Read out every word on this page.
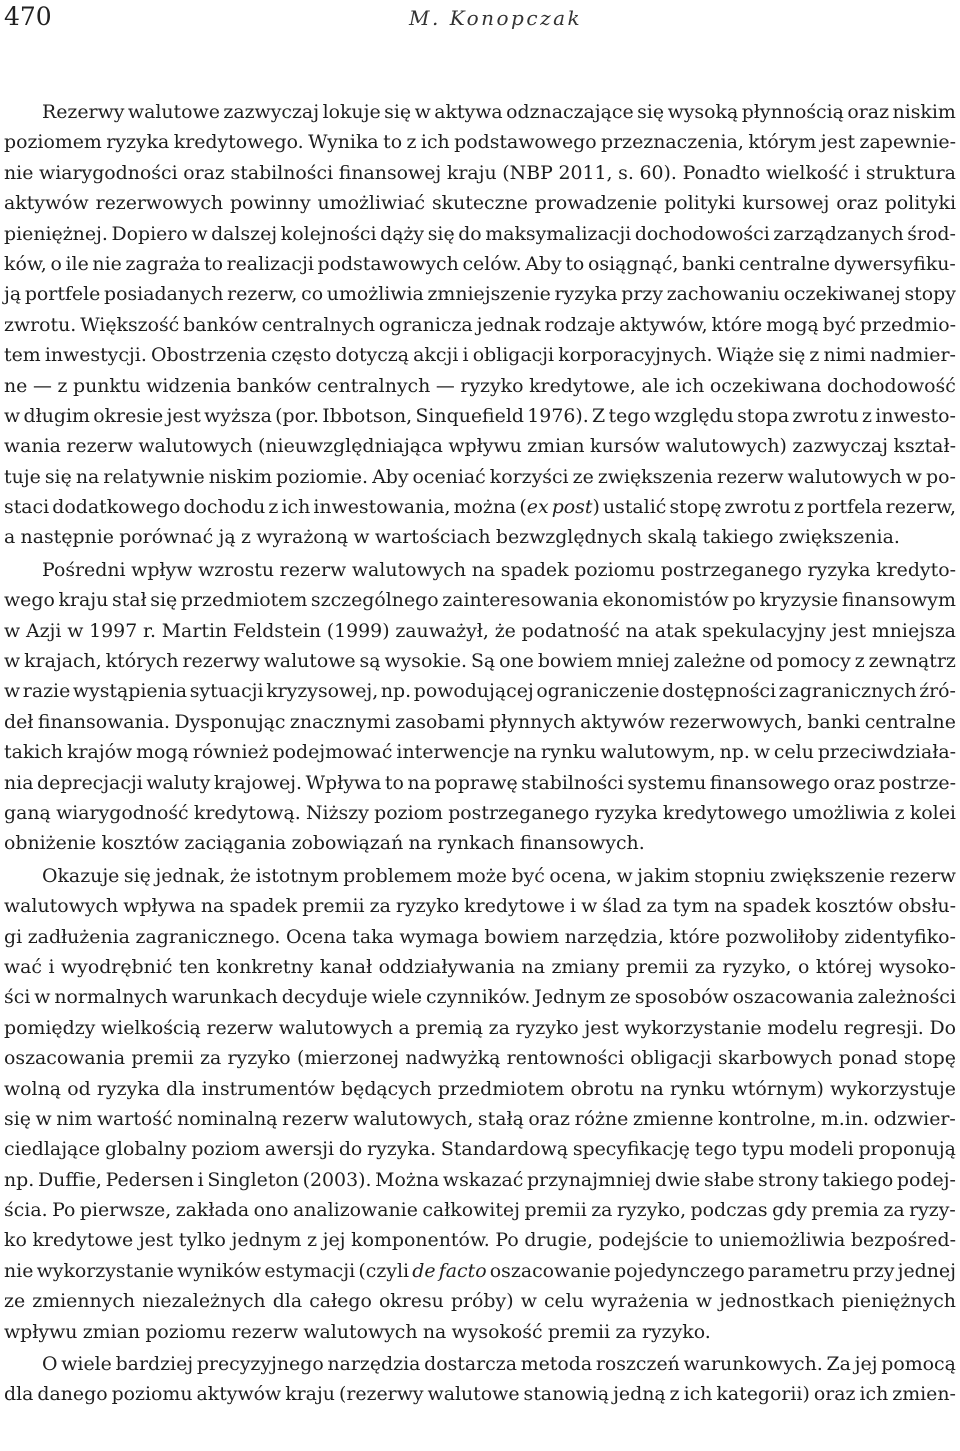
470	M. Konopczak
Rezerwy walutowe zazwyczaj lokuje się w aktywa odznaczające się wysoką płynnością oraz niskim
poziomem ryzyka kredytowego. Wynika to z ich podstawowego przeznaczenia, którym jest zapewnie-
nie wiarygodności oraz stabilności finansowej kraju (NBP 2011, s. 60). Ponadto wielkość i struktura
aktywów rezerwowych powinny umożliwiać skuteczne prowadzenie polityki kursowej oraz polityki
pieniężnej. Dopiero w dalszej kolejności dąży się do maksymalizacji dochodowości zarządzanych środ-
ków, o ile nie zagraża to realizacji podstawowych celów. Aby to osiągnąć, banki centralne dywersyfiku-
ją portfele posiadanych rezerw, co umożliwia zmniejszenie ryzyka przy zachowaniu oczekiwanej stopy
zwrotu. Większość banków centralnych ogranicza jednak rodzaje aktywów, które mogą być przedmio-
tem inwestycji. Obostrzenia często dotyczą akcji i obligacji korporacyjnych. Wiąże się z nimi nadmier-
ne — z punktu widzenia banków centralnych — ryzyko kredytowe, ale ich oczekiwana dochodowość
w długim okresie jest wyższa (por. Ibbotson, Sinquefield 1976). Z tego względu stopa zwrotu z inwesto-
wania rezerw walutowych (nieuwzględniająca wpływu zmian kursów walutowych) zazwyczaj kształ-
tuje się na relatywnie niskim poziomie. Aby oceniać korzyści ze zwiększenia rezerw walutowych w po-
staci dodatkowego dochodu z ich inwestowania, można (ex post) ustalić stopę zwrotu z portfela rezerw,
a następnie porównać ją z wyrażoną w wartościach bezwzględnych skalą takiego zwiększenia.
Pośredni wpływ wzrostu rezerw walutowych na spadek poziomu postrzeganego ryzyka kredyto-
wego kraju stał się przedmiotem szczególnego zainteresowania ekonomistów po kryzysie finansowym
w Azji w 1997 r. Martin Feldstein (1999) zauważył, że podatność na atak spekulacyjny jest mniejsza
w krajach, których rezerwy walutowe są wysokie. Są one bowiem mniej zależne od pomocy z zewnątrz
w razie wystąpienia sytuacji kryzysowej, np. powodującej ograniczenie dostępności zagranicznych źró-
deł finansowania. Dysponując znacznymi zasobami płynnych aktywów rezerwowych, banki centralne
takich krajów mogą również podejmować interwencje na rynku walutowym, np. w celu przeciwdziała-
nia deprecjacji waluty krajowej. Wpływa to na poprawę stabilności systemu finansowego oraz postrze-
ganą wiarygodność kredytową. Niższy poziom postrzeganego ryzyka kredytowego umożliwia z kolei
obniżenie kosztów zaciągania zobowiązań na rynkach finansowych.
Okazuje się jednak, że istotnym problemem może być ocena, w jakim stopniu zwiększenie rezerw
walutowych wpływa na spadek premii za ryzyko kredytowe i w ślad za tym na spadek kosztów obsłu-
gi zadłużenia zagranicznego. Ocena taka wymaga bowiem narzędzia, które pozwoliłoby zidentyfiko-
wać i wyodrębnić ten konkretny kanał oddziaływania na zmiany premii za ryzyko, o której wysoko-
ści w normalnych warunkach decyduje wiele czynników. Jednym ze sposobów oszacowania zależności
pomiędzy wielkością rezerw walutowych a premią za ryzyko jest wykorzystanie modelu regresji. Do
oszacowania premii za ryzyko (mierzonej nadwyżką rentowności obligacji skarbowych ponad stopę
wolną od ryzyka dla instrumentów będących przedmiotem obrotu na rynku wtórnym) wykorzystuje
się w nim wartość nominalną rezerw walutowych, stałą oraz różne zmienne kontrolne, m.in. odzwier-
ciedlające globalny poziom awersji do ryzyka. Standardową specyfikację tego typu modeli proponują
np. Duffie, Pedersen i Singleton (2003). Można wskazać przynajmniej dwie słabe strony takiego podej-
ścia. Po pierwsze, zakłada ono analizowanie całkowitej premii za ryzyko, podczas gdy premia za ryzy-
ko kredytowe jest tylko jednym z jej komponentów. Po drugie, podejście to uniemożliwia bezpośred-
nie wykorzystanie wyników estymacji (czyli de facto oszacowanie pojedynczego parametru przy jednej
ze zmiennych niezależnych dla całego okresu próby) w celu wyrażenia w jednostkach pieniężnych
wpływu zmian poziomu rezerw walutowych na wysokość premii za ryzyko.
O wiele bardziej precyzyjnego narzędzia dostarcza metoda roszczeń warunkowych. Za jej pomocą
dla danego poziomu aktywów kraju (rezerwy walutowe stanowią jedną z ich kategorii) oraz ich zmien-
